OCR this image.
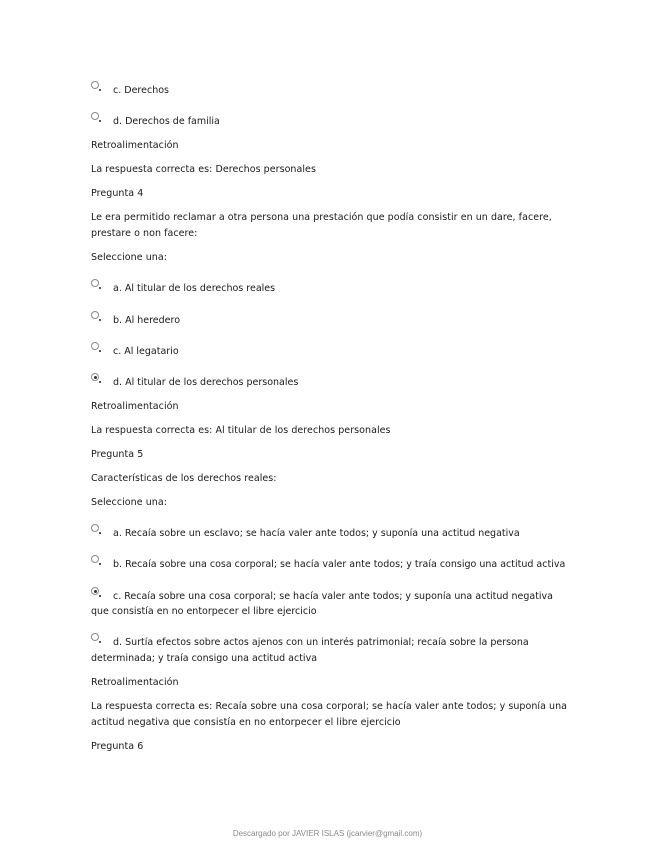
c. Derechos
d. Derechos de familia
Retroalimentación
La respuesta correcta es: Derechos personales
Pregunta 4
Le era permitido reclamar a otra persona una prestación que podía consistir en un dare, facere,
prestare o non facere:
Seleccione una:
a. Al titular de los derechos reales
b. Al heredero
c. Al legatario
d. Al titular de los derechos personales
Retroalimentación
La respuesta correcta es: Al titular de los derechos personales
Pregunta 5
Características de los derechos reales:
Seleccione una:
a. Recaía sobre un esclavo; se hacía valer ante todos; y suponía una actitud negativa
b. Recaía sobre una cosa corporal; se hacía valer ante todos; y traía consigo una actitud activa
c. Recaía sobre una cosa corporal; se hacía valer ante todos; y suponía una actitud negativa
que consistía en no entorpecer el libre ejercicio
d. Surtía efectos sobre actos ajenos con un interés patrimonial; recaía sobre la persona
determinada; y traía consigo una actitud activa
Retroalimentación
La respuesta correcta es: Recaía sobre una cosa corporal; se hacía valer ante todos; y suponía una
actitud negativa que consistía en no entorpecer el libre ejercicio
Pregunta 6
Descargado por JAVIER ISLAS (jcarvier@gmail.com)
